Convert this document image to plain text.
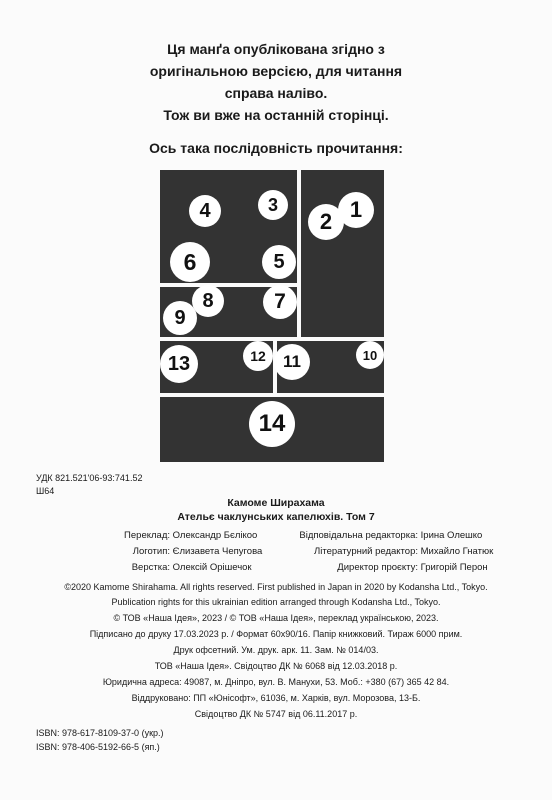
Ця манґа опублікована згідно з
оригінальною версією, для читання
справа наліво.
Тож ви вже на останній сторінці.
Ось така послідовність прочитання:
1
2
3
4
5
6
7
8
9
10
11
12
13
14
УДК 821.521'06-93:741.52
Ш64
Камоме Ширахама
Ательє чаклунських капелюхів. Том 7
Переклад: Олександр Бєлікоо
Логотип: Єлизавета Чепугова
Верстка: Олексій Орішечок
Відповідальна редакторка: Ірина Олешко
Літературний редактор: Михайло Гнатюк
Директор проєкту: Григорій Перон
©2020 Kamome Shirahama. All rights reserved. First published in Japan in 2020 by Kodansha Ltd., Tokyo.
Publication rights for this ukrainian edition arranged through Kodansha Ltd., Tokyo.
© ТОВ «Наша Ідея», 2023 / © ТОВ «Наша Ідея», переклад українською, 2023.
Підписано до друку 17.03.2023 р. / Формат 60х90/16. Папір книжковий. Тираж 6000 прим.
Друк офсетний. Ум. друк. арк. 11. Зам. № 014/03.
ТОВ «Наша Ідея». Свідоцтво ДК № 6068 від 12.03.2018 р.
Юридична адреса: 49087, м. Дніпро, вул. В. Манухи, 53. Моб.: +380 (67) 365 42 84.
Віддруковано: ПП «Юнісофт», 61036, м. Харків, вул. Морозова, 13-Б.
Свідоцтво ДК № 5747 від 06.11.2017 р.
ISBN: 978-617-8109-37-0 (укр.)
ISBN: 978-406-5192-66-5 (яп.)
